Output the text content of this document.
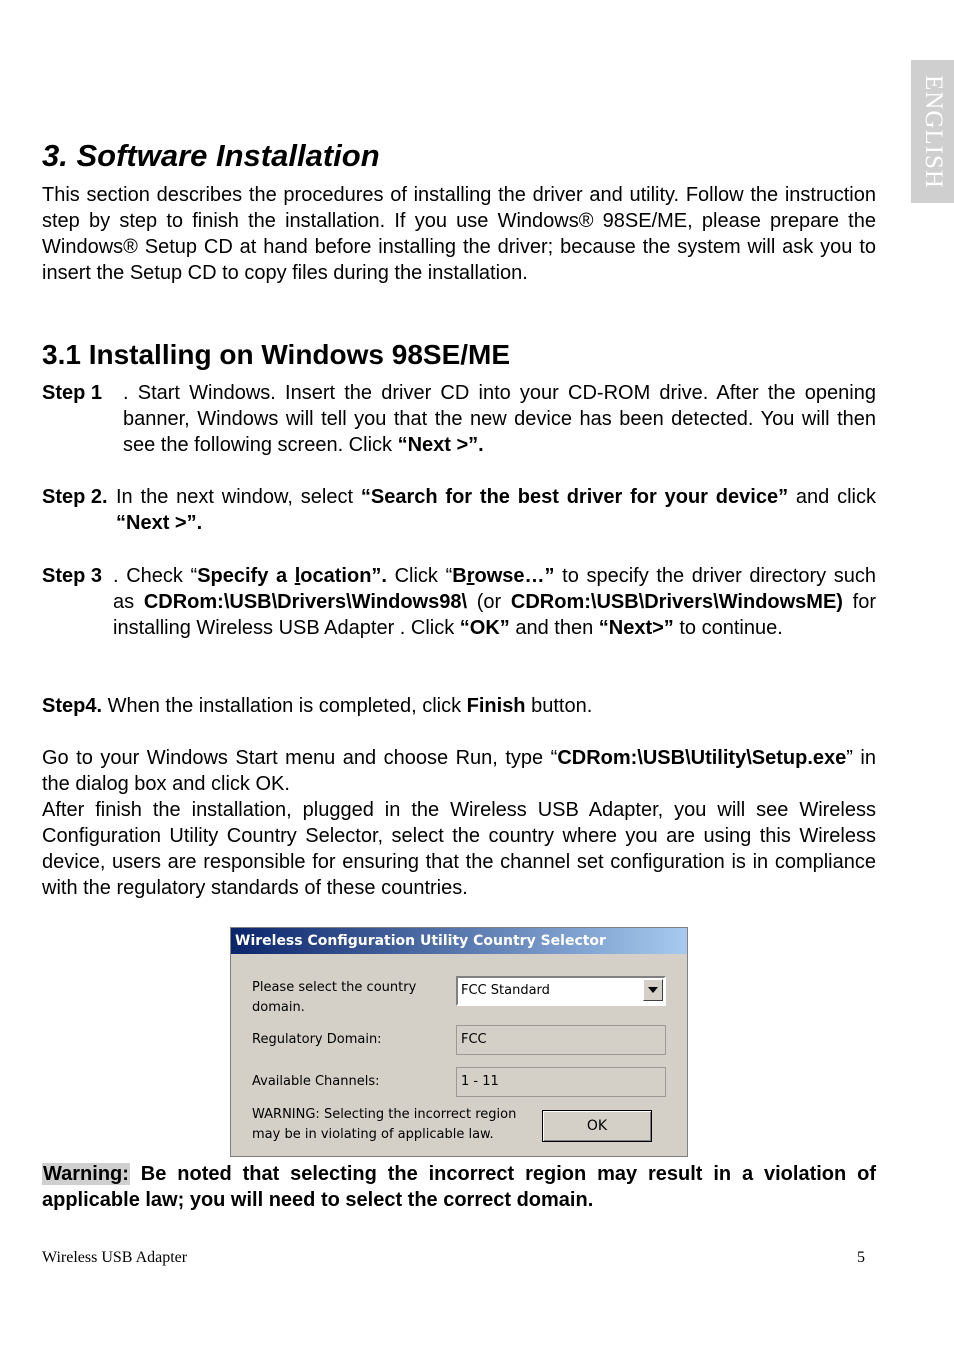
ENGLISH
3. Software Installation

This section describes the procedures of installing the driver and utility. Follow the instruction step by step to finish the installation. If you use Windows® 98SE/ME, please prepare the Windows® Setup CD at hand before installing the driver; because the system will ask you to insert the Setup CD to copy files during the installation.

3.1 Installing on Windows 98SE/ME
Step 1 . Start Windows. Insert the driver CD into your CD-ROM drive. After the opening banner, Windows will tell you that the new device has been detected. You will then see the following screen. Click “Next >”.
Step 2. In the next window, select “Search for the best driver for your device” and click “Next >”.
Step 3 . Check “Specify a location”. Click “Browse…” to specify the driver directory such as CDRom:\USB\Drivers\Windows98\ (or CDRom:\USB\Drivers\WindowsME) for installing Wireless USB Adapter . Click “OK” and then “Next>” to continue.
Step4. When the installation is completed, click Finish button.

Go to your Windows Start menu and choose Run, type “CDRom:\USB\Utility\Setup.exe” in the dialog box and click OK.

After finish the installation, plugged in the Wireless USB Adapter, you will see Wireless Configuration Utility Country Selector, select the country where you are using this Wireless device, users are responsible for ensuring that the channel set configuration is in compliance with the regulatory standards of these countries.

Wireless Configuration Utility Country Selector
Please select the country domain.
FCC Standard
Regulatory Domain:	FCC
Available Channels:	1 - 11
WARNING: Selecting the incorrect region may be in violating of applicable law.
OK
Warning: Be noted that selecting the incorrect region may result in a violation of applicable law; you will need to select the correct domain.
Wireless USB Adapter	5
